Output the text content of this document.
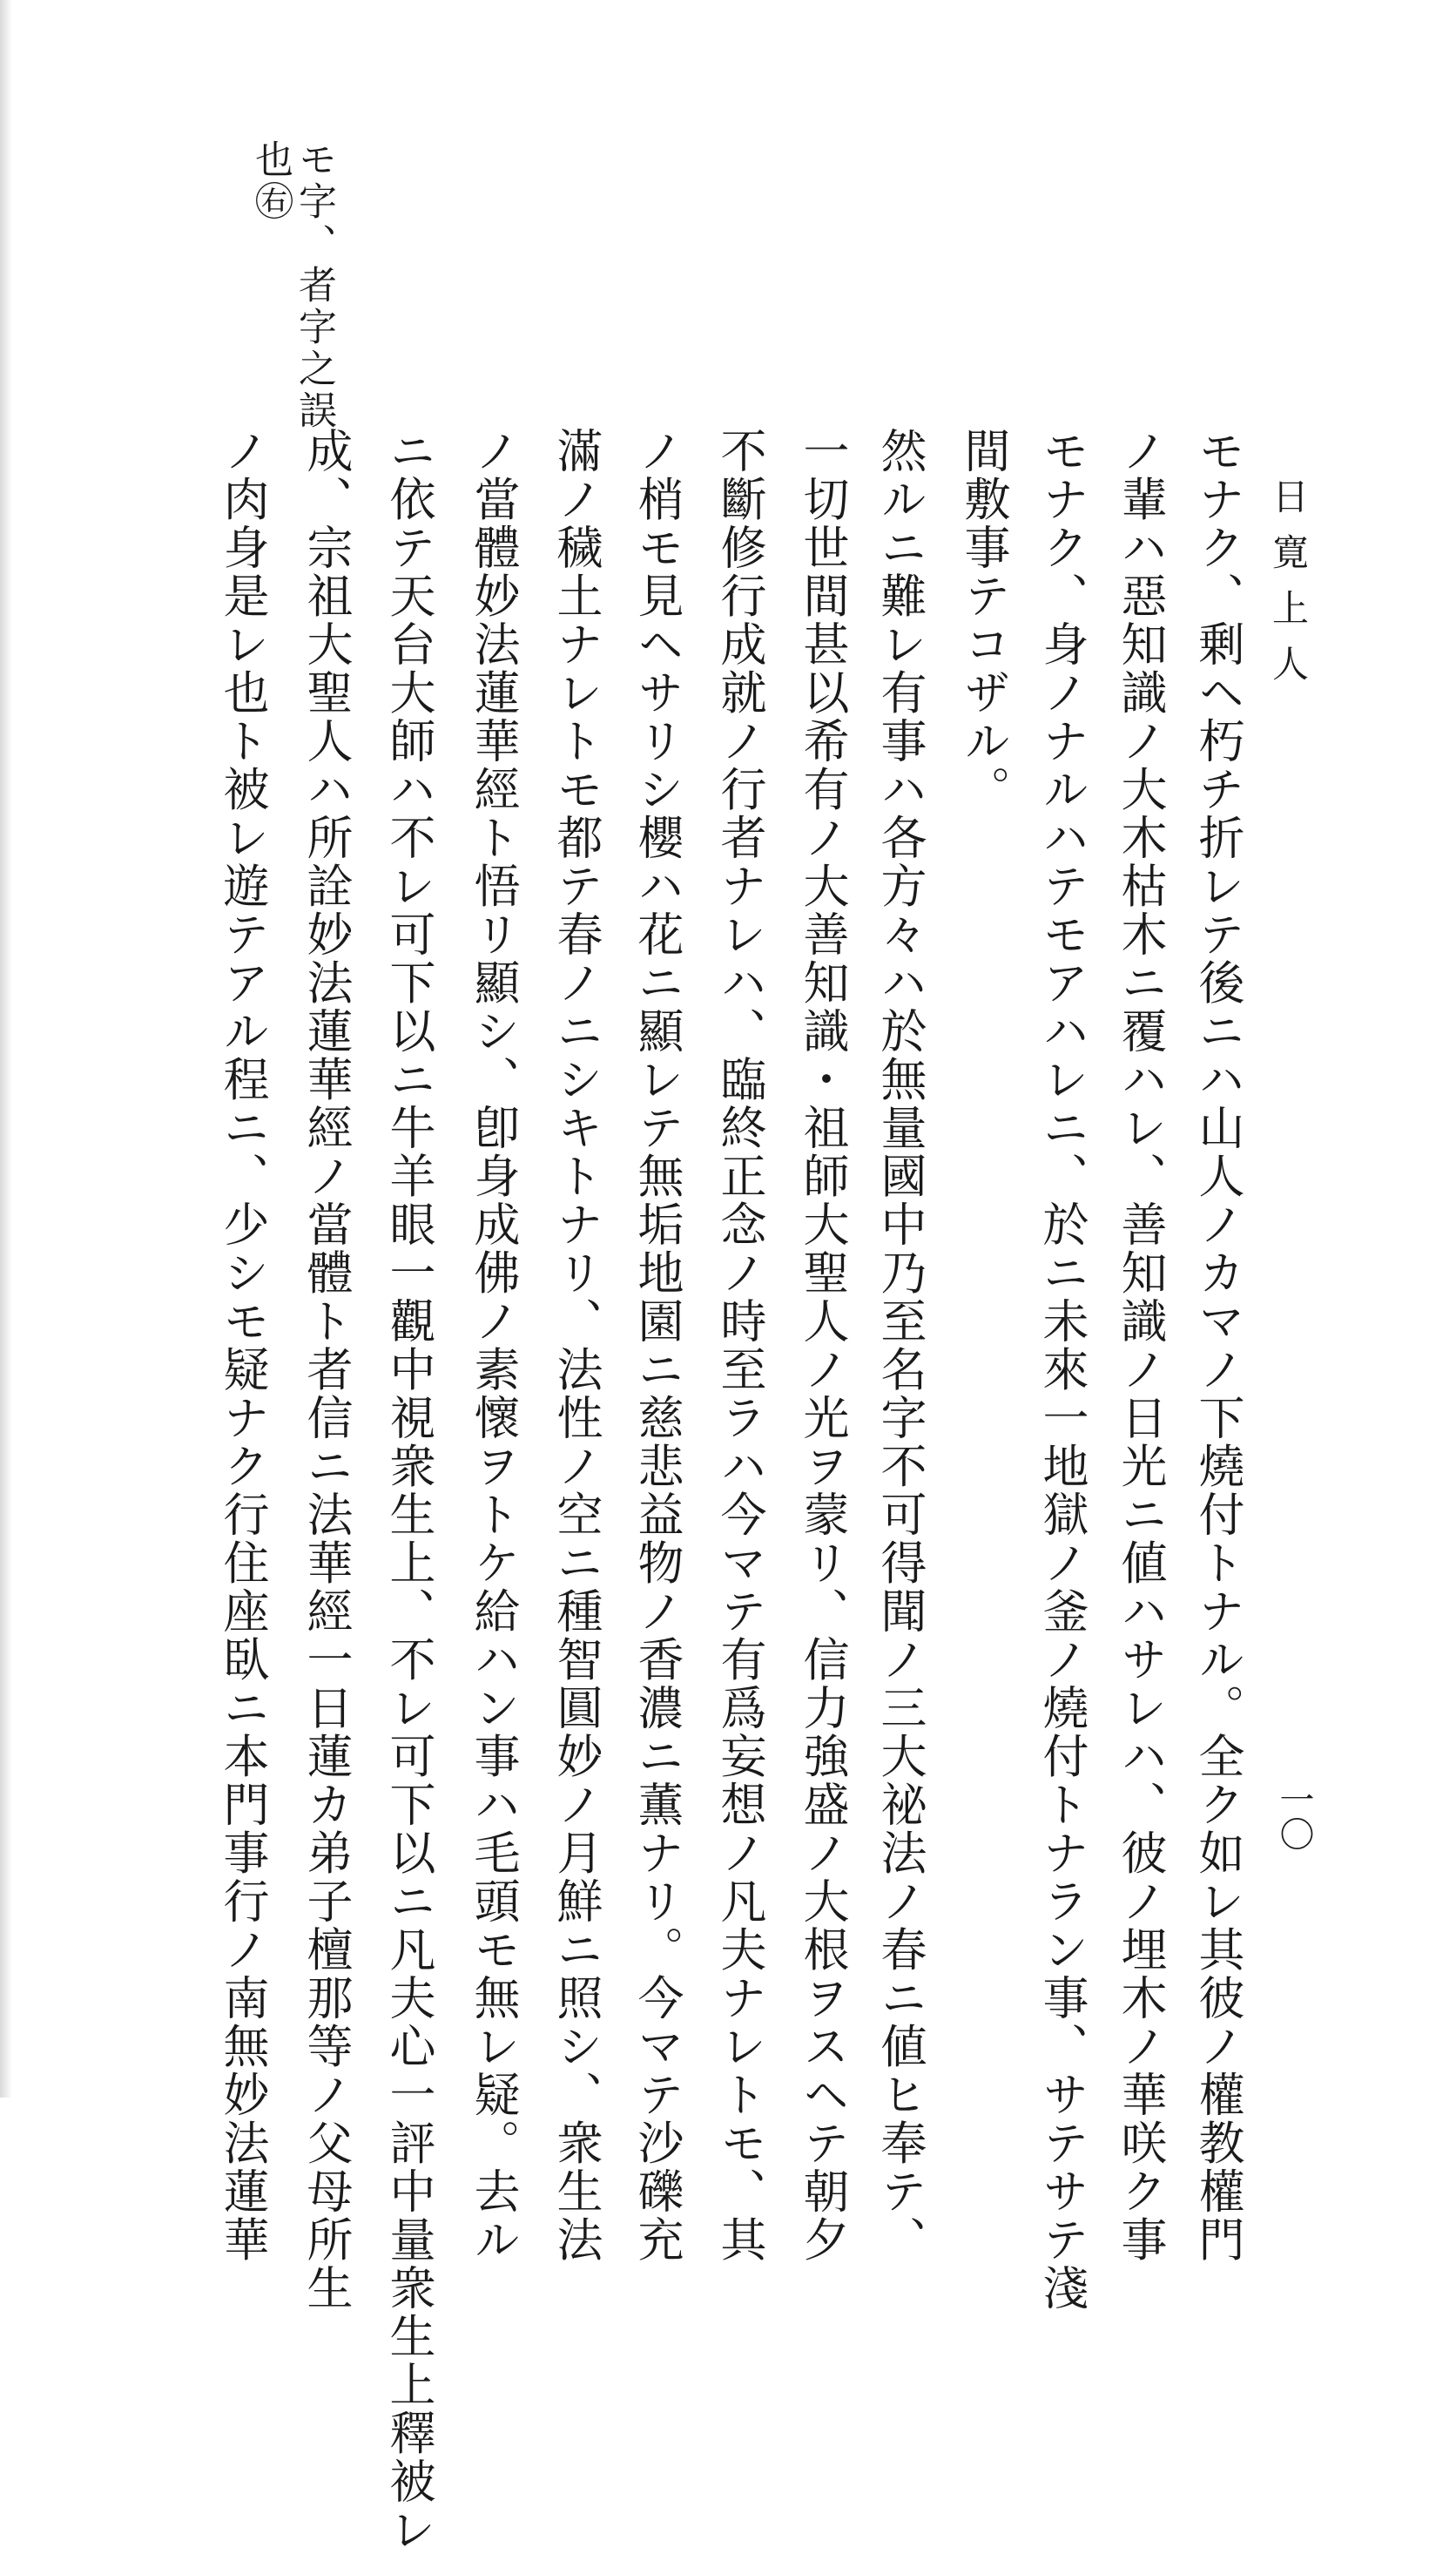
日寛上人
一〇
モナク、剰ヘ朽チ折レテ後ニハ山人ノカマノ下燒付トナル。全ク如レ其彼ノ權教權門
ノ輩ハ惡知識ノ大木枯木ニ覆ハレ、善知識ノ日光ニ値ハサレハ、彼ノ埋木ノ華咲ク事
モナク、身ノナルハテモアハレニ、於ニ未來一地獄ノ釜ノ燒付トナラン事、サテサテ淺
間敷事テコザル。
然ルニ難レ有事ハ各方々ハ於無量國中乃至名字不可得聞ノ三大祕法ノ春ニ値ヒ奉テ、
一切世間甚以希有ノ大善知識・祖師大聖人ノ光ヲ蒙リ、信力強盛ノ大根ヲスヘテ朝夕
不斷修行成就ノ行者ナレハ、臨終正念ノ時至ラハ今マテ有爲妄想ノ凡夫ナレトモ、其
ノ梢モ見ヘサリシ櫻ハ花ニ顯レテ無垢地園ニ慈悲益物ノ香濃ニ薫ナリ。今マテ沙礫充
滿ノ穢土ナレトモ都テ春ノニシキトナリ、法性ノ空ニ種智圓妙ノ月鮮ニ照シ、衆生法
ノ當體妙法蓮華經ト悟リ顯シ、卽身成佛ノ素懷ヲトケ給ハン事ハ毛頭モ無レ疑。去ル
ニ依テ天台大師ハ不レ可下以ニ牛羊眼一觀中視衆生上、不レ可下以ニ凡夫心一評中量衆生上釋被レ
成、宗祖大聖人ハ所詮妙法蓮華經ノ當體ト者信ニ法華經一日蓮カ弟子檀那等ノ父母所生
ノ肉身是レ也ト被レ遊テアル程ニ、少シモ疑ナク行住座臥ニ本門事行ノ南無妙法蓮華
モ字、者字之誤
也㊨
